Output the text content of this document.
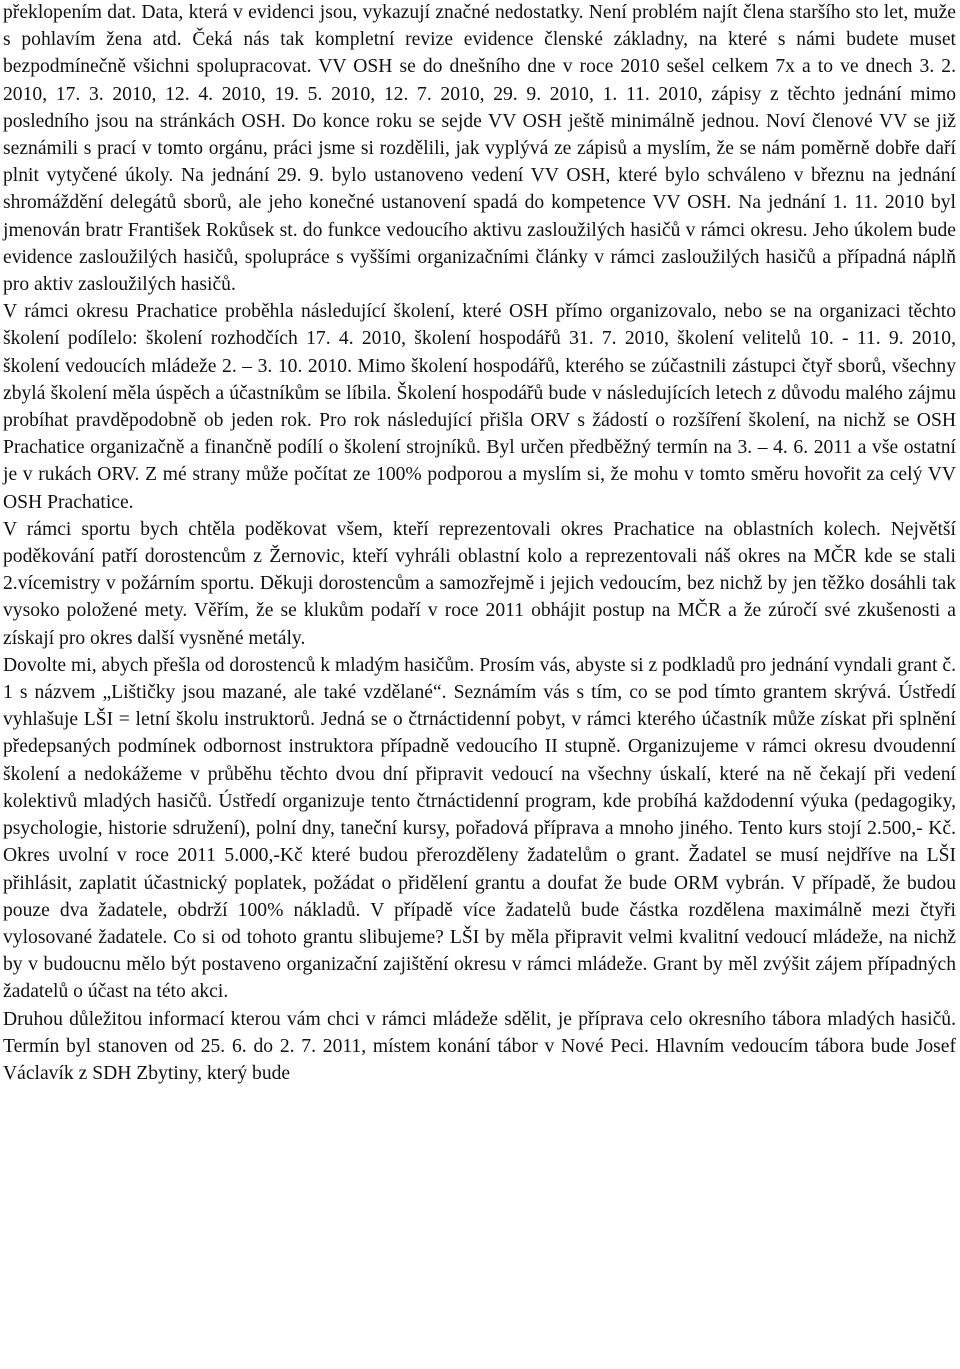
překlopením dat. Data, která v evidenci jsou, vykazují značné nedostatky. Není problém najít člena staršího sto let, muže s pohlavím žena atd. Čeká nás tak kompletní revize evidence členské základny, na které s námi budete muset bezpodmínečně všichni spolupracovat. VV OSH se do dnešního dne v roce 2010 sešel celkem 7x a to ve dnech 3. 2. 2010, 17. 3. 2010, 12. 4. 2010, 19. 5. 2010, 12. 7. 2010, 29. 9. 2010, 1. 11. 2010, zápisy z těchto jednání mimo posledního jsou na stránkách OSH. Do konce roku se sejde VV OSH ještě minimálně jednou. Noví členové VV se již seznámili s prací v tomto orgánu, práci jsme si rozdělili, jak vyplývá ze zápisů a myslím, že se nám poměrně dobře daří plnit vytyčené úkoly. Na jednání 29. 9. bylo ustanoveno vedení VV OSH, které bylo schváleno v březnu na jednání shromáždění delegátů sborů, ale jeho konečné ustanovení spadá do kompetence VV OSH. Na jednání 1. 11. 2010 byl jmenován bratr František Rokůsek st. do funkce vedoucího aktivu zasloužilých hasičů v rámci okresu. Jeho úkolem bude evidence zasloužilých hasičů, spolupráce s vyššími organizačními články v rámci zasloužilých hasičů a případná náplň pro aktiv zasloužilých hasičů.

V rámci okresu Prachatice proběhla následující školení, které OSH přímo organizovalo, nebo se na organizaci těchto školení podílelo: školení rozhodčích 17. 4. 2010, školení hospodářů 31. 7. 2010, školení velitelů 10. - 11. 9. 2010, školení vedoucích mládeže 2. – 3. 10. 2010. Mimo školení hospodářů, kterého se zúčastnili zástupci čtyř sborů, všechny zbylá školení měla úspěch a účastníkům se líbila. Školení hospodářů bude v následujících letech z důvodu malého zájmu probíhat pravděpodobně ob jeden rok. Pro rok následující přišla ORV s žádostí o rozšíření školení, na nichž se OSH Prachatice organizačně a finančně podílí o školení strojníků. Byl určen předběžný termín na 3. – 4. 6. 2011 a vše ostatní je v rukách ORV. Z mé strany může počítat ze 100% podporou a myslím si, že mohu v tomto směru hovořit za celý VV OSH Prachatice.

V rámci sportu bych chtěla poděkovat všem, kteří reprezentovali okres Prachatice na oblastních kolech. Největší poděkování patří dorostencům z Žernovic, kteří vyhráli oblastní kolo a reprezentovali náš okres na MČR kde se stali 2.vícemistry v požárním sportu. Děkuji dorostencům a samozřejmě i jejich vedoucím, bez nichž by jen těžko dosáhli tak vysoko položené mety. Věřím, že se klukům podaří v roce 2011 obhájit postup na MČR a že zúročí své zkušenosti a získají pro okres další vysněné metály.

Dovolte mi, abych přešla od dorostenců k mladým hasičům. Prosím vás, abyste si z podkladů pro jednání vyndali grant č. 1 s názvem „Lištičky jsou mazané, ale také vzdělané“. Seznámím vás s tím, co se pod tímto grantem skrývá. Ústředí vyhlašuje LŠI = letní školu instruktorů. Jedná se o čtrnáctidenní pobyt, v rámci kterého účastník může získat při splnění předepsaných podmínek odbornost instruktora případně vedoucího II stupně. Organizujeme v rámci okresu dvoudenní školení a nedokážeme v průběhu těchto dvou dní připravit vedoucí na všechny úskalí, které na ně čekají při vedení kolektivů mladých hasičů. Ústředí organizuje tento čtrnáctidenní program, kde probíhá každodenní výuka (pedagogiky, psychologie, historie sdružení), polní dny, taneční kursy, pořadová příprava a mnoho jiného. Tento kurs stojí 2.500,- Kč. Okres uvolní v roce 2011 5.000,-Kč které budou přerozděleny žadatelům o grant. Žadatel se musí nejdříve na LŠI přihlásit, zaplatit účastnický poplatek, požádat o přidělení grantu a doufat že bude ORM vybrán. V případě, že budou pouze dva žadatele, obdrží 100% nákladů. V případě více žadatelů bude částka rozdělena maximálně mezi čtyři vylosované žadatele. Co si od tohoto grantu slibujeme? LŠI by měla připravit velmi kvalitní vedoucí mládeže, na nichž by v budoucnu mělo být postaveno organizační zajištění okresu v rámci mládeže. Grant by měl zvýšit zájem případných žadatelů o účast na této akci.

Druhou důležitou informací kterou vám chci v rámci mládeže sdělit, je příprava celo okresního tábora mladých hasičů. Termín byl stanoven od 25. 6. do 2. 7. 2011, místem konání tábor v Nové Peci. Hlavním vedoucím tábora bude Josef Václavík z SDH Zbytiny, který bude
